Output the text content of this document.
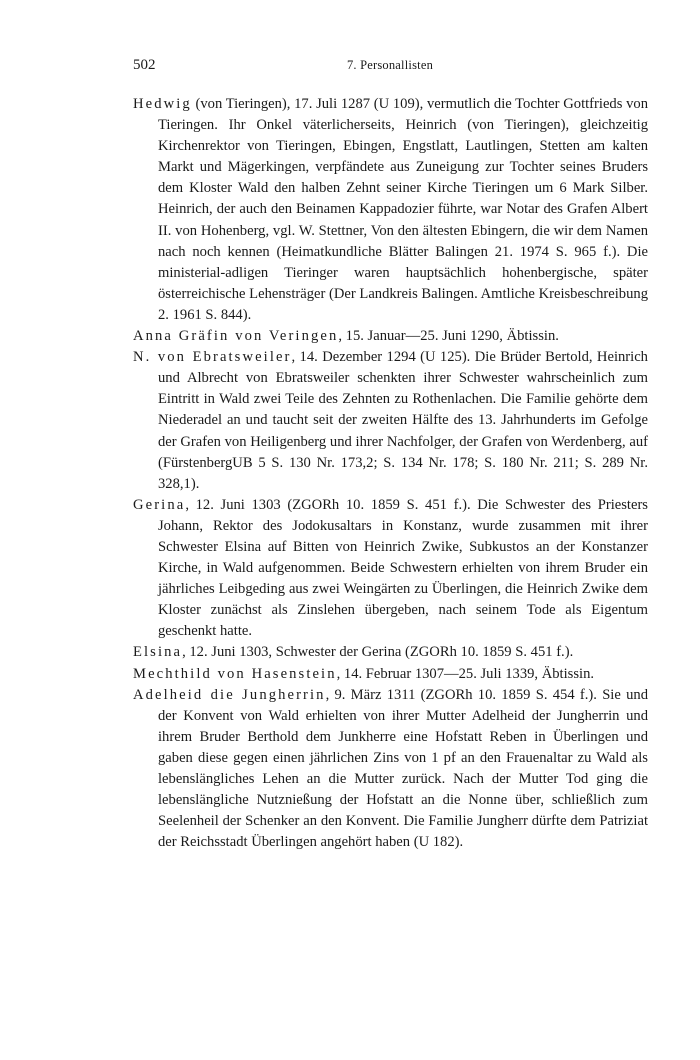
502	7. Personallisten

Hedwig (von Tieringen), 17. Juli 1287 (U 109), vermutlich die Tochter Gottfrieds von Tieringen. Ihr Onkel väterlicherseits, Heinrich (von Tieringen), gleichzeitig Kirchenrektor von Tieringen, Ebingen, Engstlatt, Lautlingen, Stetten am kalten Markt und Mägerkingen, verpfändete aus Zuneigung zur Tochter seines Bruders dem Kloster Wald den halben Zehnt seiner Kirche Tieringen um 6 Mark Silber. Heinrich, der auch den Beinamen Kappadozier führte, war Notar des Grafen Albert II. von Hohenberg, vgl. W. Stettner, Von den ältesten Ebingern, die wir dem Namen nach noch kennen (Heimatkundliche Blätter Balingen 21. 1974 S. 965 f.). Die ministerial-adligen Tieringer waren hauptsächlich hohenbergische, später österreichische Lehensträger (Der Landkreis Balingen. Amtliche Kreisbeschreibung 2. 1961 S. 844).

Anna Gräfin von Veringen, 15. Januar—25. Juni 1290, Äbtissin.

N. von Ebratsweiler, 14. Dezember 1294 (U 125). Die Brüder Bertold, Heinrich und Albrecht von Ebratsweiler schenkten ihrer Schwester wahrscheinlich zum Eintritt in Wald zwei Teile des Zehnten zu Rothenlachen. Die Familie gehörte dem Niederadel an und taucht seit der zweiten Hälfte des 13. Jahrhunderts im Gefolge der Grafen von Heiligenberg und ihrer Nachfolger, der Grafen von Werdenberg, auf (FürstenbergUB 5 S. 130 Nr. 173,2; S. 134 Nr. 178; S. 180 Nr. 211; S. 289 Nr. 328,1).

Gerina, 12. Juni 1303 (ZGORh 10. 1859 S. 451 f.). Die Schwester des Priesters Johann, Rektor des Jodokusaltars in Konstanz, wurde zusammen mit ihrer Schwester Elsina auf Bitten von Heinrich Zwike, Subkustos an der Konstanzer Kirche, in Wald aufgenommen. Beide Schwestern erhielten von ihrem Bruder ein jährliches Leibgeding aus zwei Weingärten zu Überlingen, die Heinrich Zwike dem Kloster zunächst als Zinslehen übergeben, nach seinem Tode als Eigentum geschenkt hatte.

Elsina, 12. Juni 1303, Schwester der Gerina (ZGORh 10. 1859 S. 451 f.).

Mechthild von Hasenstein, 14. Februar 1307—25. Juli 1339, Äbtissin.

Adelheid die Jungherrin, 9. März 1311 (ZGORh 10. 1859 S. 454 f.). Sie und der Konvent von Wald erhielten von ihrer Mutter Adelheid der Jungherrin und ihrem Bruder Berthold dem Junkherre eine Hofstatt Reben in Überlingen und gaben diese gegen einen jährlichen Zins von 1 pf an den Frauenaltar zu Wald als lebenslängliches Lehen an die Mutter zurück. Nach der Mutter Tod ging die lebenslängliche Nutznießung der Hofstatt an die Nonne über, schließlich zum Seelenheil der Schenker an den Konvent. Die Familie Jungherr dürfte dem Patriziat der Reichsstadt Überlingen angehört haben (U 182).
